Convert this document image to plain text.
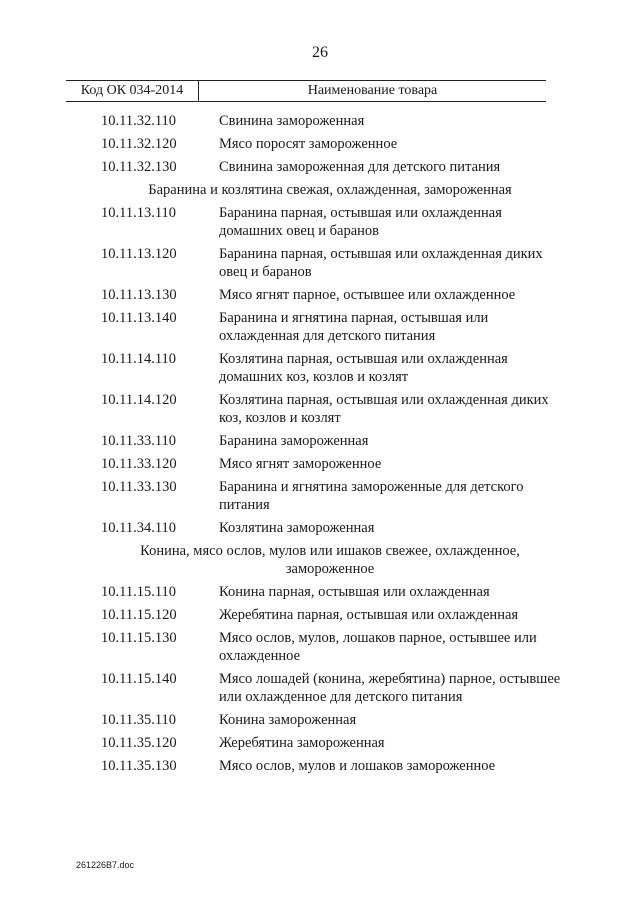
26
Код ОК 034-2014	Наименование товара
10.11.32.110	Свинина замороженная
10.11.32.120	Мясо поросят замороженное
10.11.32.130	Свинина замороженная для детского питания
Баранина и козлятина свежая, охлажденная, замороженная
10.11.13.110	Баранина парная, остывшая или охлажденная домашних овец и баранов
10.11.13.120	Баранина парная, остывшая или охлажденная диких овец и баранов
10.11.13.130	Мясо ягнят парное, остывшее или охлажденное
10.11.13.140	Баранина и ягнятина парная, остывшая или охлажденная для детского питания
10.11.14.110	Козлятина парная, остывшая или охлажденная домашних коз, козлов и козлят
10.11.14.120	Козлятина парная, остывшая или охлажденная диких коз, козлов и козлят
10.11.33.110	Баранина замороженная
10.11.33.120	Мясо ягнят замороженное
10.11.33.130	Баранина и ягнятина замороженные для детского питания
10.11.34.110	Козлятина замороженная
Конина, мясо ослов, мулов или ишаков свежее, охлажденное, замороженное
10.11.15.110	Конина парная, остывшая или охлажденная
10.11.15.120	Жеребятина парная, остывшая или охлажденная
10.11.15.130	Мясо ослов, мулов, лошаков парное, остывшее или охлажденное
10.11.15.140	Мясо лошадей (конина, жеребятина) парное, остывшее или охлажденное для детского питания
10.11.35.110	Конина замороженная
10.11.35.120	Жеребятина замороженная
10.11.35.130	Мясо ослов, мулов и лошаков замороженное
261226B7.doc
